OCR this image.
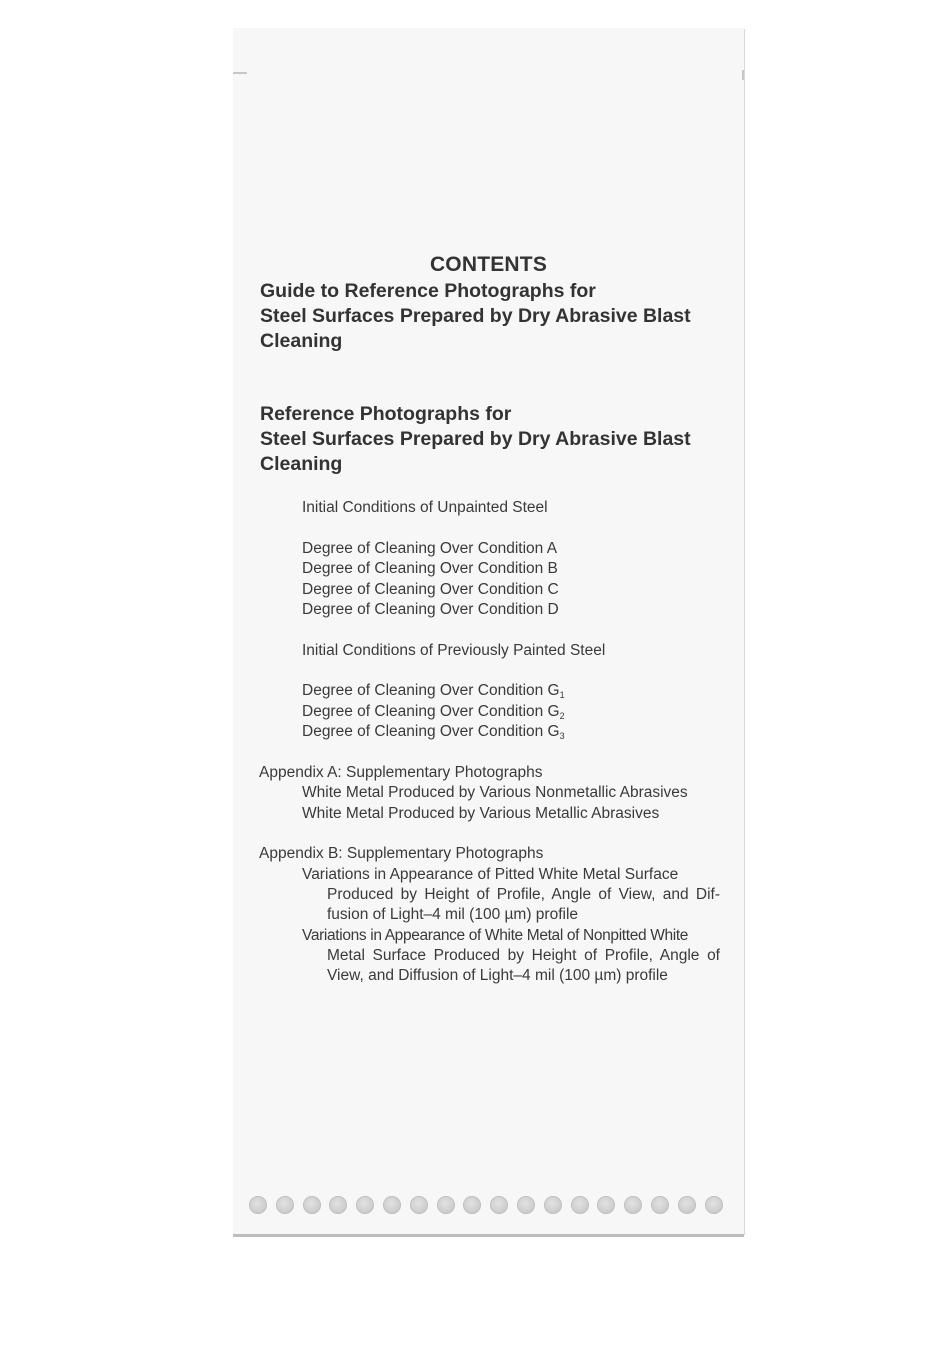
CONTENTS
Guide to Reference Photographs for
Steel Surfaces Prepared by Dry Abrasive Blast
Cleaning
Reference Photographs for
Steel Surfaces Prepared by Dry Abrasive Blast
Cleaning
Initial Conditions of Unpainted Steel
Degree of Cleaning Over Condition A
Degree of Cleaning Over Condition B
Degree of Cleaning Over Condition C
Degree of Cleaning Over Condition D
Initial Conditions of Previously Painted Steel
Degree of Cleaning Over Condition $G_1$
Degree of Cleaning Over Condition $G_2$
Degree of Cleaning Over Condition $G_3$
Appendix A: Supplementary Photographs
White Metal Produced by Various Nonmetallic Abrasives
White Metal Produced by Various Metallic Abrasives
Appendix B: Supplementary Photographs
Variations in Appearance of Pitted White Metal Surface
Produced by Height of Profile, Angle of View, and Dif-fusion of Light–4 mil (100 µm) profile
Variations in Appearance of White Metal of Nonpitted White
Metal Surface Produced by Height of Profile, Angle of View, and Diffusion of Light–4 mil (100 µm) profile
